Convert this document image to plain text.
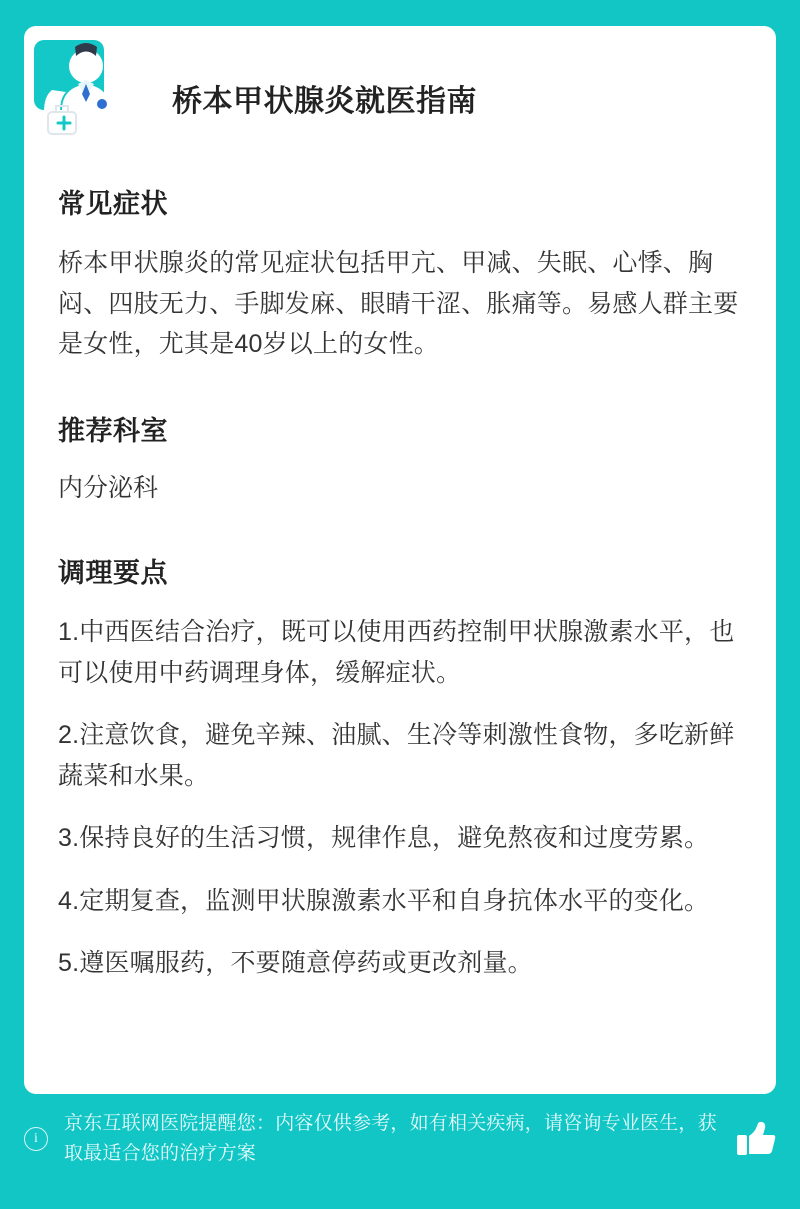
桥本甲状腺炎就医指南
常见症状

桥本甲状腺炎的常见症状包括甲亢、甲减、失眠、心悸、胸闷、四肢无力、手脚发麻、眼睛干涩、胀痛等。易感人群主要是女性，尤其是40岁以上的女性。

推荐科室

内分泌科

调理要点

1.中西医结合治疗，既可以使用西药控制甲状腺激素水平，也可以使用中药调理身体，缓解症状。

2.注意饮食，避免辛辣、油腻、生冷等刺激性食物，多吃新鲜蔬菜和水果。

3.保持良好的生活习惯，规律作息，避免熬夜和过度劳累。

4.定期复查，监测甲状腺激素水平和自身抗体水平的变化。

5.遵医嘱服药，不要随意停药或更改剂量。

i
京东互联网医院提醒您：内容仅供参考，如有相关疾病，请咨询专业医生，获取最适合您的治疗方案
